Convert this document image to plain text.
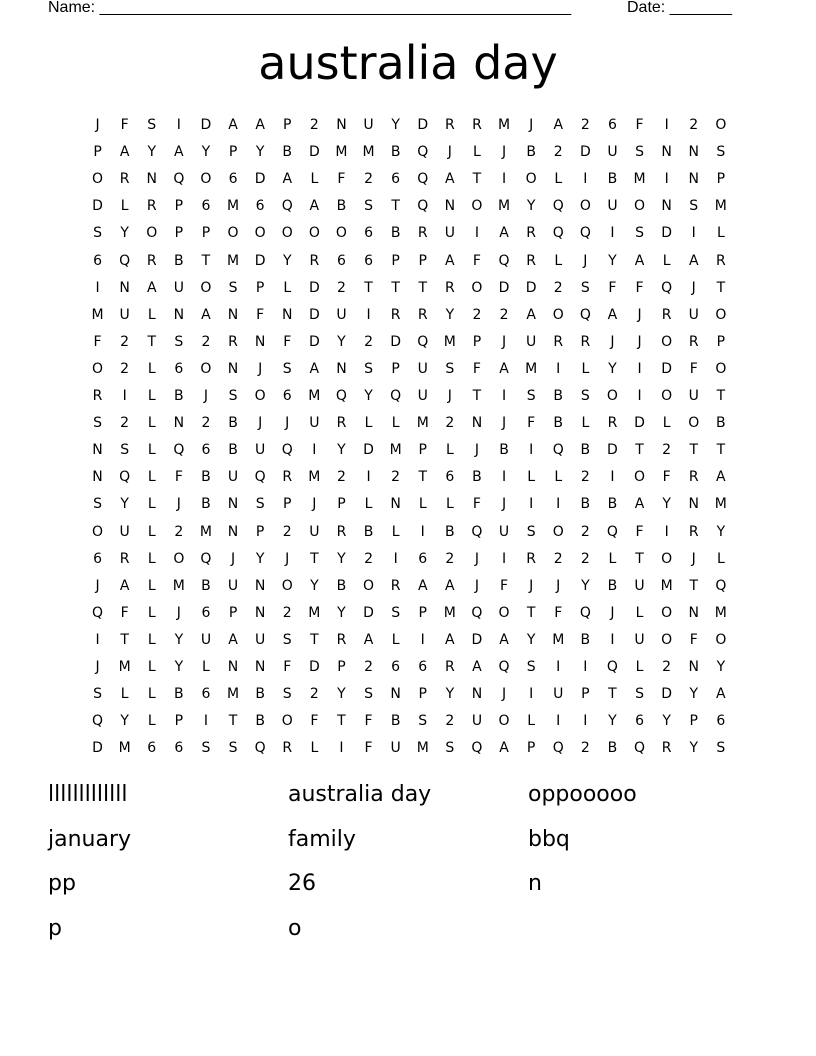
Name: _____________________________________________________	Date: _______
australia day
J	F	S	I	D	A	A	P	2	N	U	Y	D	R	R	M	J	A	2	6	F	I	2	O
P	A	Y	A	Y	P	Y	B	D	M	M	B	Q	J	L	J	B	2	D	U	S	N	N	S
O	R	N	Q	O	6	D	A	L	F	2	6	Q	A	T	I	O	L	I	B	M	I	N	P
D	L	R	P	6	M	6	Q	A	B	S	T	Q	N	O	M	Y	Q	O	U	O	N	S	M
S	Y	O	P	P	O	O	O	O	O	6	B	R	U	I	A	R	Q	Q	I	S	D	I	L
6	Q	R	B	T	M	D	Y	R	6	6	P	P	A	F	Q	R	L	J	Y	A	L	A	R
I	N	A	U	O	S	P	L	D	2	T	T	T	R	O	D	D	2	S	F	F	Q	J	T
M	U	L	N	A	N	F	N	D	U	I	R	R	Y	2	2	A	O	Q	A	J	R	U	O
F	2	T	S	2	R	N	F	D	Y	2	D	Q	M	P	J	U	R	R	J	J	O	R	P
O	2	L	6	O	N	J	S	A	N	S	P	U	S	F	A	M	I	L	Y	I	D	F	O
R	I	L	B	J	S	O	6	M	Q	Y	Q	U	J	T	I	S	B	S	O	I	O	U	T
S	2	L	N	2	B	J	J	U	R	L	L	M	2	N	J	F	B	L	R	D	L	O	B
N	S	L	Q	6	B	U	Q	I	Y	D	M	P	L	J	B	I	Q	B	D	T	2	T	T
N	Q	L	F	B	U	Q	R	M	2	I	2	T	6	B	I	L	L	2	I	O	F	R	A
S	Y	L	J	B	N	S	P	J	P	L	N	L	L	F	J	I	I	B	B	A	Y	N	M
O	U	L	2	M	N	P	2	U	R	B	L	I	B	Q	U	S	O	2	Q	F	I	R	Y
6	R	L	O	Q	J	Y	J	T	Y	2	I	6	2	J	I	R	2	2	L	T	O	J	L
J	A	L	M	B	U	N	O	Y	B	O	R	A	A	J	F	J	J	Y	B	U	M	T	Q
Q	F	L	J	6	P	N	2	M	Y	D	S	P	M	Q	O	T	F	Q	J	L	O	N	M
I	T	L	Y	U	A	U	S	T	R	A	L	I	A	D	A	Y	M	B	I	U	O	F	O
J	M	L	Y	L	N	N	F	D	P	2	6	6	R	A	Q	S	I	I	Q	L	2	N	Y
S	L	L	B	6	M	B	S	2	Y	S	N	P	Y	N	J	I	U	P	T	S	D	Y	A
Q	Y	L	P	I	T	B	O	F	T	F	B	S	2	U	O	L	I	I	Y	6	Y	P	6
D	M	6	6	S	S	Q	R	L	I	F	U	M	S	Q	A	P	Q	2	B	Q	R	Y	S
lllllllllllll	australia day	oppooooo
january	family	bbq
pp	26	n
p	o
